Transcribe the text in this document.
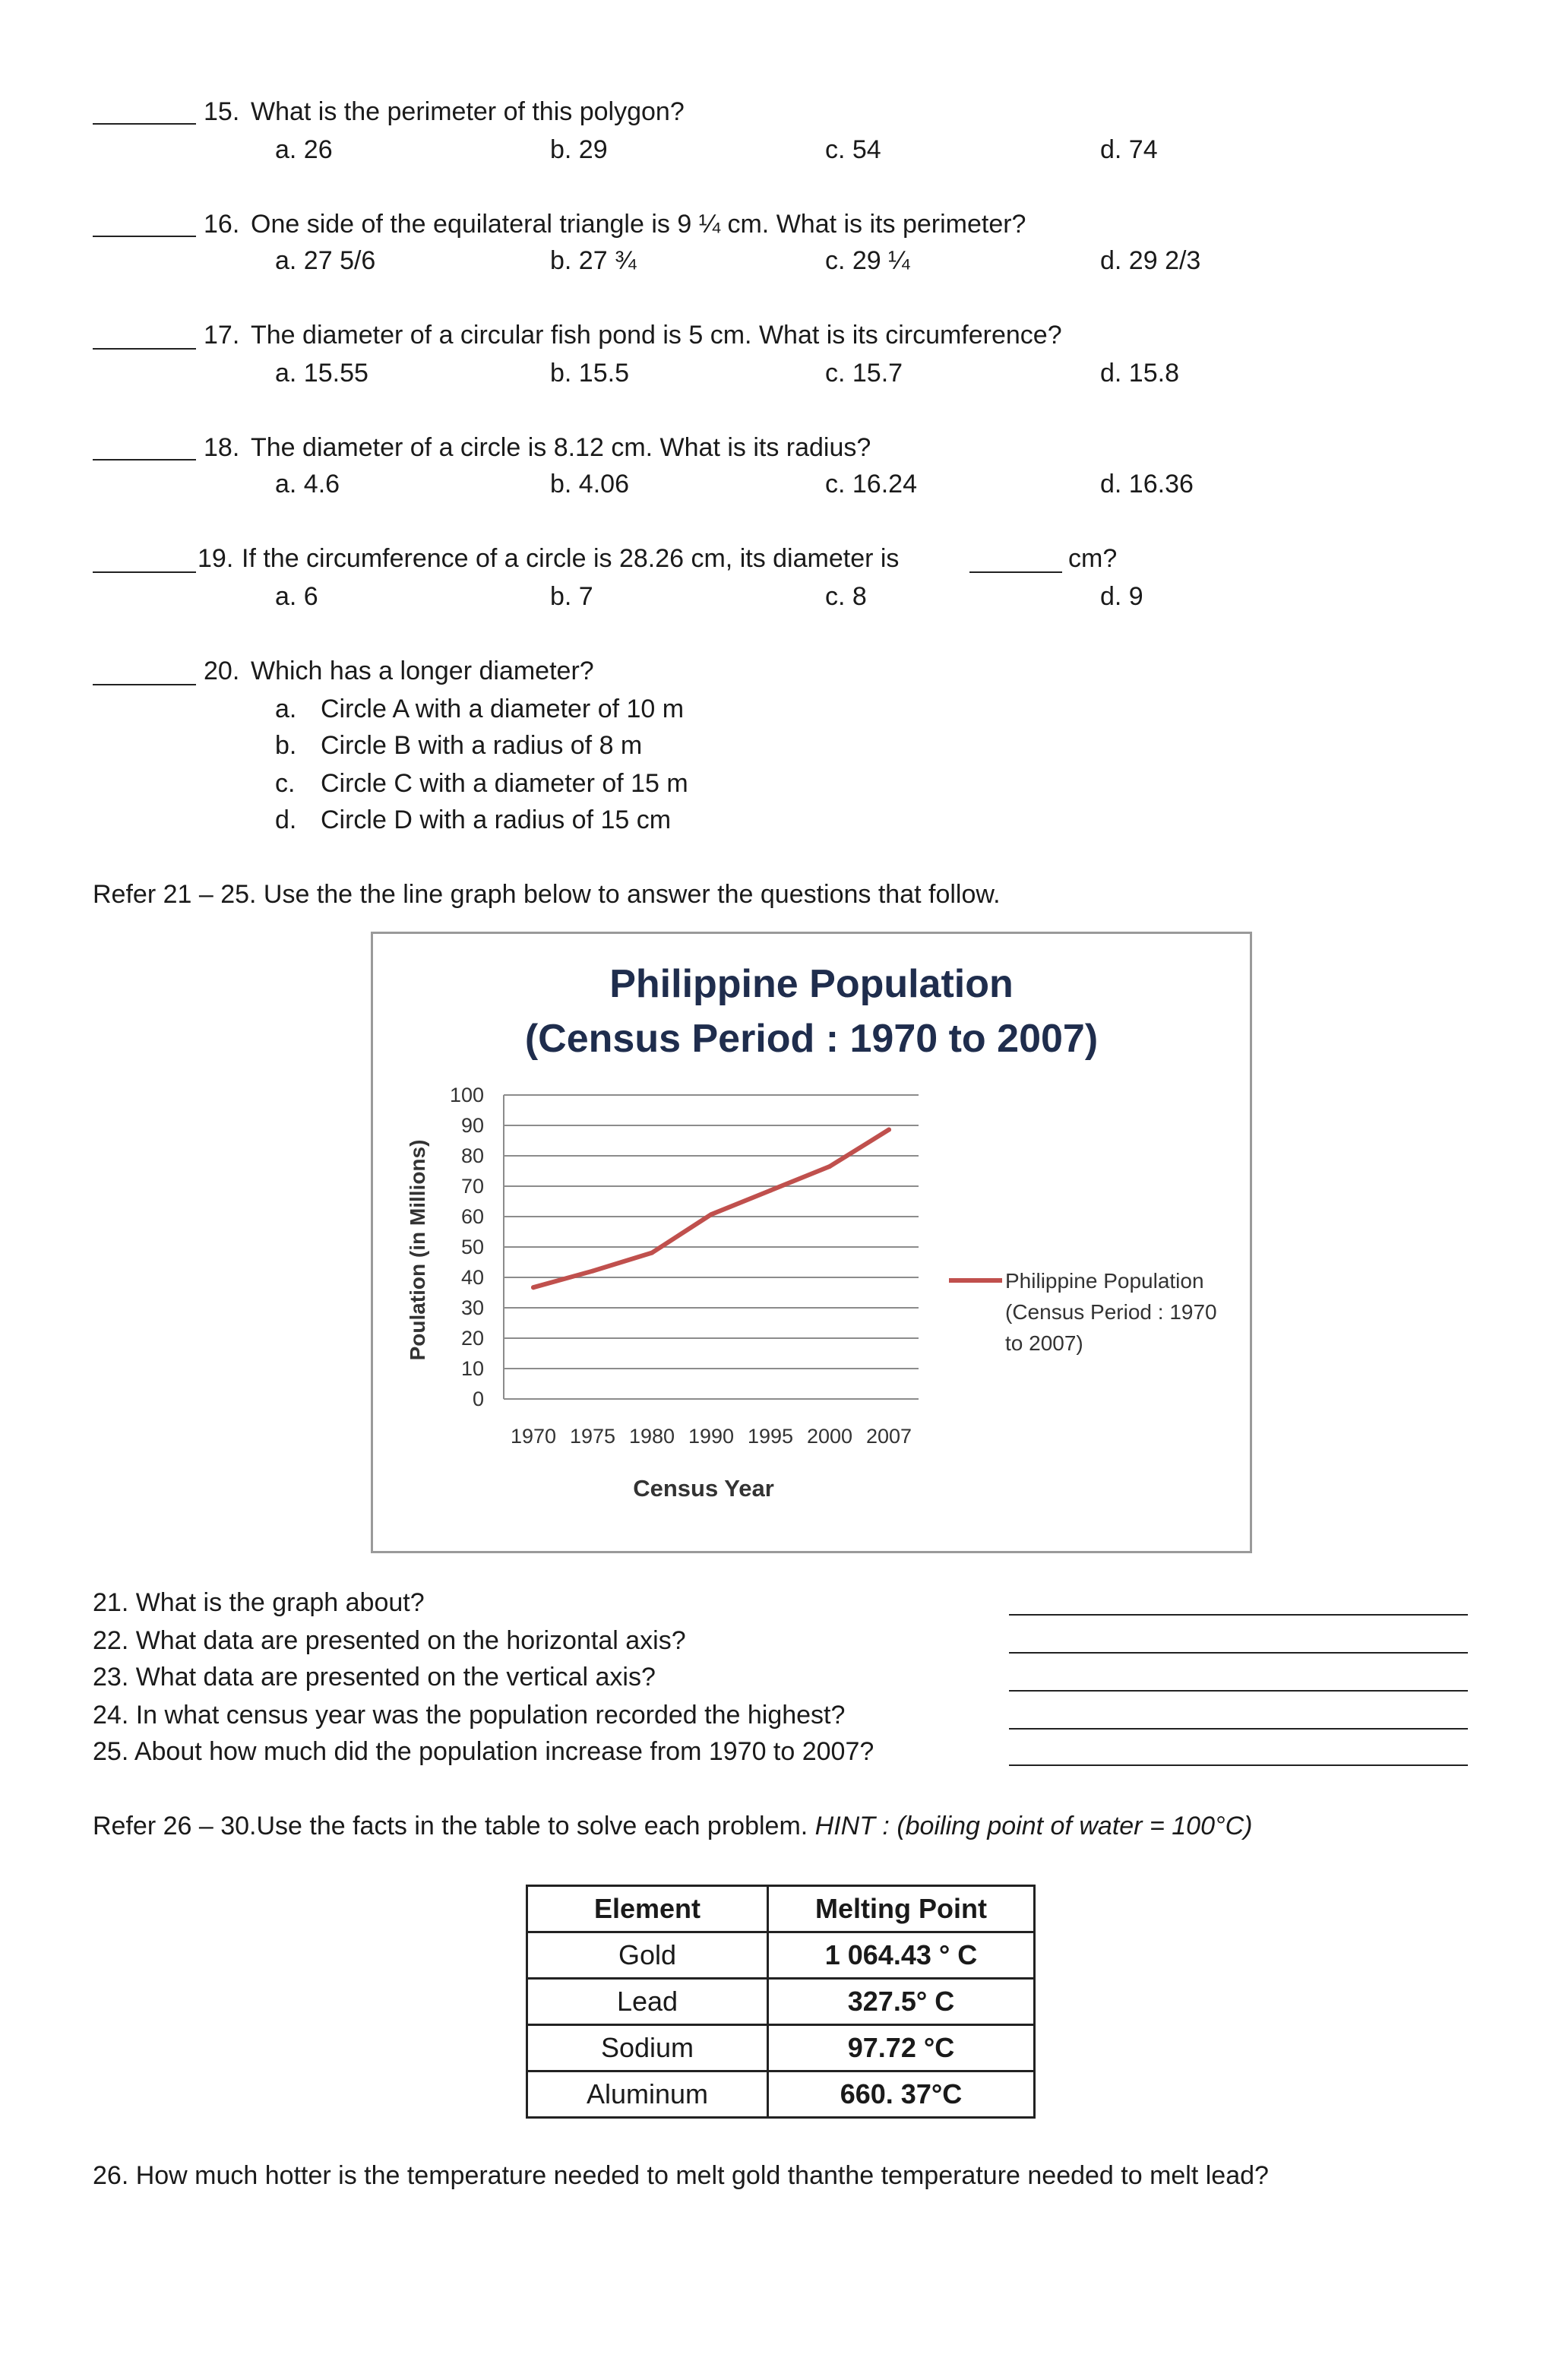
15. What is the perimeter of this polygon?
a. 26	b. 29	c. 54	d. 74
16. One side of the equilateral triangle is 9 ¼ cm. What is its perimeter?
a. 27 5/6	b. 27 ¾	c. 29 ¼	d. 29 2/3
17. The diameter of a circular fish pond is 5 cm. What is its circumference?
a. 15.55	b. 15.5	c. 15.7	d. 15.8
18. The diameter of a circle is 8.12 cm. What is its radius?
a. 4.6	b. 4.06	c. 16.24	d. 16.36
19. If the circumference of a circle is 28.26 cm, its diameter is	cm?
a. 6	b. 7	c. 8	d. 9
20. Which has a longer diameter?
a. Circle A with a diameter of 10 m
b. Circle B with a radius of 8 m
c. Circle C with a diameter of 15 m
d. Circle D with a radius of 15 cm
Refer 21 – 25. Use the the line graph below to answer the questions that follow.
Philippine Population
(Census Period : 1970 to 2007)
0
10
20
30
40
50
60
70
80
90
100
1970 1975 1980 1990 1995 2000 2007
Census Year
Poulation (in Millions)	Philippine Population
(Census Period : 1970
to 2007)
21. What is the graph about?
22. What data are presented on the horizontal axis?
23. What data are presented on the vertical axis?
24. In what census year was the population recorded the highest?
25. About how much did the population increase from 1970 to 2007?
Refer 26 – 30.Use the facts in the table to solve each problem. HINT : (boiling point of water = 100°C)
Element	Melting Point
Gold	1 064.43 ° C
Lead	327.5° C
Sodium	97.72 °C
Aluminum	660. 37°C
26. How much hotter is the temperature needed to melt gold thanthe temperature needed to melt lead?
